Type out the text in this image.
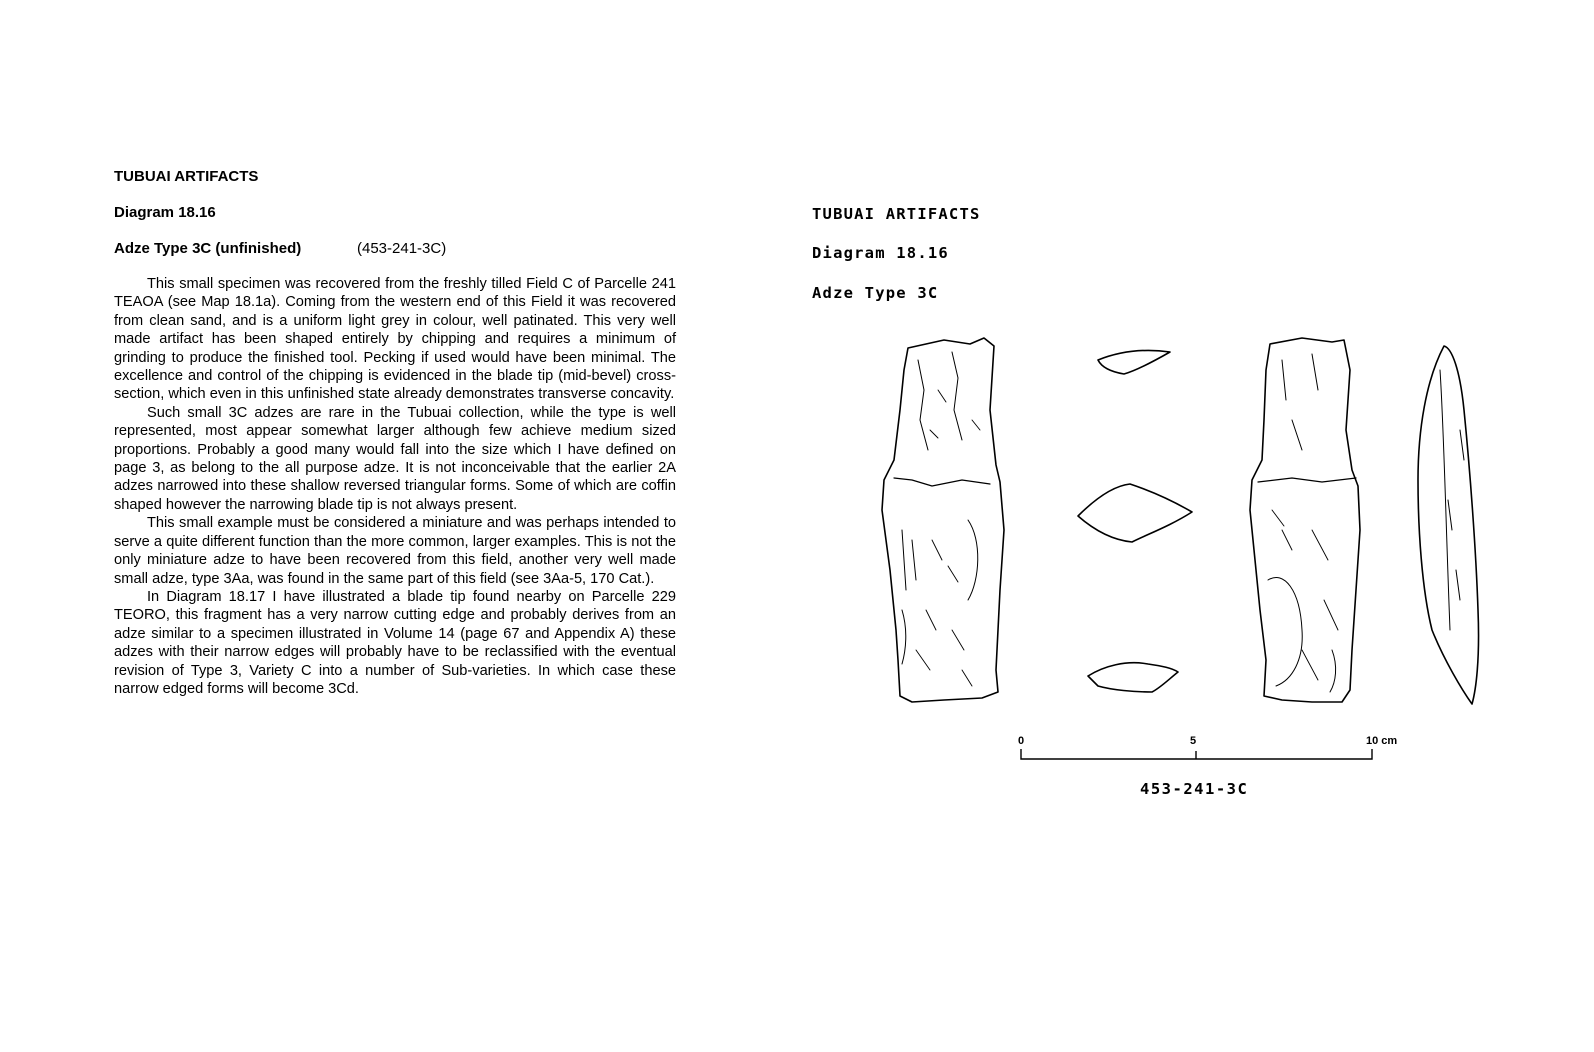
TUBUAI ARTIFACTS

Diagram 18.16

Adze Type 3C (unfinished)	(453-241-3C)

This small specimen was recovered from the freshly tilled Field C of Parcelle 241 TEAOA (see Map 18.1a). Coming from the western end of this Field it was recovered from clean sand, and is a uniform light grey in colour, well patinated. This very well made artifact has been shaped entirely by chipping and requires a minimum of grinding to produce the finished tool. Pecking if used would have been minimal. The excellence and control of the chipping is evidenced in the blade tip (mid-bevel) cross-section, which even in this unfinished state already demonstrates transverse concavity.

Such small 3C adzes are rare in the Tubuai collection, while the type is well represented, most appear somewhat larger although few achieve medium sized proportions. Probably a good many would fall into the size which I have defined on page 3, as belong to the all purpose adze. It is not inconceivable that the earlier 2A adzes narrowed into these shallow reversed triangular forms. Some of which are coffin shaped however the narrowing blade tip is not always present.

This small example must be considered a miniature and was perhaps intended to serve a quite different function than the more common, larger examples. This is not the only miniature adze to have been recovered from this field, another very well made small adze, type 3Aa, was found in the same part of this field (see 3Aa-5, 170 Cat.).

In Diagram 18.17 I have illustrated a blade tip found nearby on Parcelle 229 TEORO, this fragment has a very narrow cutting edge and probably derives from an adze similar to a specimen illustrated in Volume 14 (page 67 and Appendix A) these adzes with their narrow edges will probably have to be reclassified with the eventual revision of Type 3, Variety C into a number of Sub-varieties. In which case these narrow edged forms will become 3Cd.

TUBUAI ARTIFACTS

Diagram 18.16

Adze Type 3C

0	5	10 cm

453-241-3C
